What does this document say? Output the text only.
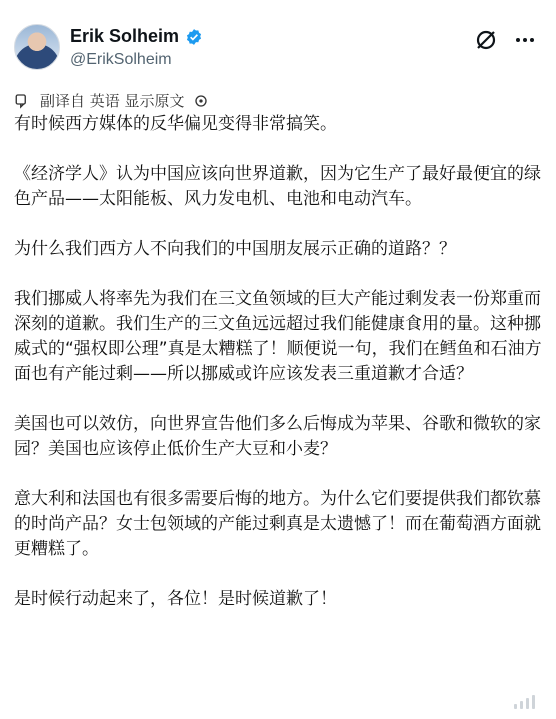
Erik Solheim
@ErikSolheim
副译自 英语 显示原文

有时候西方媒体的反华偏见变得非常搞笑。

《经济学人》认为中国应该向世界道歉，因为它生产了最好最便宜的绿色产品——太阳能板、风力发电机、电池和电动汽车。

为什么我们西方人不向我们的中国朋友展示正确的道路？？

我们挪威人将率先为我们在三文鱼领域的巨大产能过剩发表一份郑重而深刻的道歉。我们生产的三文鱼远远超过我们能健康食用的量。这种挪威式的“强权即公理”真是太糟糕了！顺便说一句，我们在鳕鱼和石油方面也有产能过剩——所以挪威或许应该发表三重道歉才合适？

美国也可以效仿，向世界宣告他们多么后悔成为苹果、谷歌和微软的家园？美国也应该停止低价生产大豆和小麦？

意大利和法国也有很多需要后悔的地方。为什么它们要提供我们都钦慕的时尚产品？女士包领域的产能过剩真是太遗憾了！而在葡萄酒方面就更糟糕了。

是时候行动起来了，各位！是时候道歉了！
